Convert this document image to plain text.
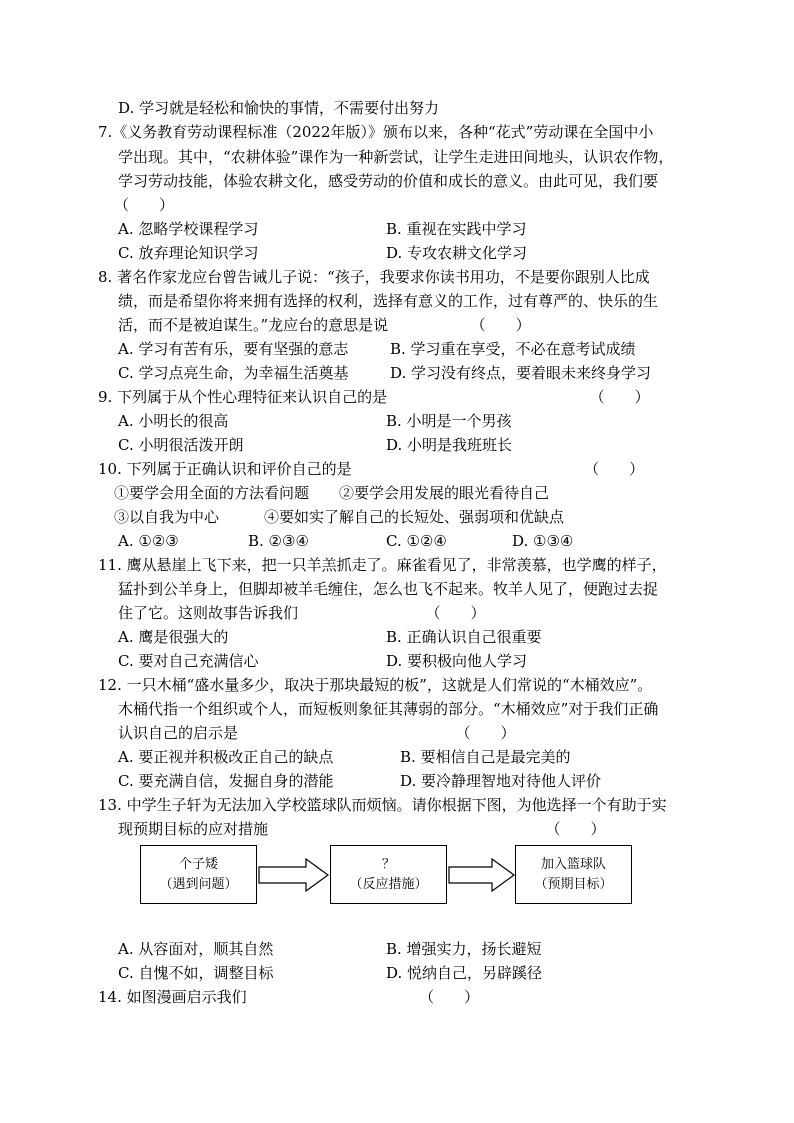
D. 学习就是轻松和愉快的事情，不需要付出努力
7.《义务教育劳动课程标准（2022年版）》颁布以来，各种“花式”劳动课在全国中小
学出现。其中，“农耕体验”课作为一种新尝试，让学生走进田间地头，认识农作物，
学习劳动技能，体验农耕文化，感受劳动的价值和成长的意义。由此可见，我们要
（　　）
A. 忽略学校课程学习	B. 重视在实践中学习
C. 放弃理论知识学习	D. 专攻农耕文化学习
8. 著名作家龙应台曾告诫儿子说：“孩子，我要求你读书用功，不是要你跟别人比成
绩，而是希望你将来拥有选择的权利，选择有意义的工作，过有尊严的、快乐的生
活，而不是被迫谋生。”龙应台的意思是说　　　　　　（　　）
A. 学习有苦有乐，要有坚强的意志	B. 学习重在享受，不必在意考试成绩
C. 学习点亮生命，为幸福生活奠基	D. 学习没有终点，要着眼未来终身学习
9. 下列属于从个性心理特征来认识自己的是　　　　　　　　　　　　　　（　　）
A. 小明长的很高	B. 小明是一个男孩
C. 小明很活泼开朗	D. 小明是我班班长
10. 下列属于正确认识和评价自己的是　　　　　　　　　　　　　　　　（　　）
①要学会用全面的方法看问题　　②要学会用发展的眼光看待自己
③以自我为中心　　　④要如实了解自己的长短处、强弱项和优缺点
A. ①②③	B. ②③④	C. ①②④	D. ①③④
11. 鹰从悬崖上飞下来，把一只羊羔抓走了。麻雀看见了，非常羡慕，也学鹰的样子，
猛扑到公羊身上，但脚却被羊毛缠住，怎么也飞不起来。牧羊人见了，便跑过去捉
住了它。这则故事告诉我们　　　　　　　　　（　　）
A. 鹰是很强大的	B. 正确认识自己很重要
C. 要对自己充满信心	D. 要积极向他人学习
12. 一只木桶“盛水量多少，取决于那块最短的板”，这就是人们常说的“木桶效应”。
木桶代指一个组织或个人，而短板则象征其薄弱的部分。“木桶效应”对于我们正确
认识自己的启示是　　　　　　　　　　　　　　　（　　）
A. 要正视并积极改正自己的缺点	B. 要相信自己是最完美的
C. 要充满自信，发掘自身的潜能	D. 要冷静理智地对待他人评价
13. 中学生子轩为无法加入学校篮球队而烦恼。请你根据下图，为他选择一个有助于实
现预期目标的应对措施　　　　　　　　　　　　　　　　　　　（　　）
个子矮
（遇到问题）
？
（反应措施）
加入篮球队
（预期目标）
A. 从容面对，顺其自然	B. 增强实力，扬长避短
C. 自愧不如，调整目标	D. 悦纳自己，另辟蹊径
14. 如图漫画启示我们　　　　　　　　　　　　（　　）
